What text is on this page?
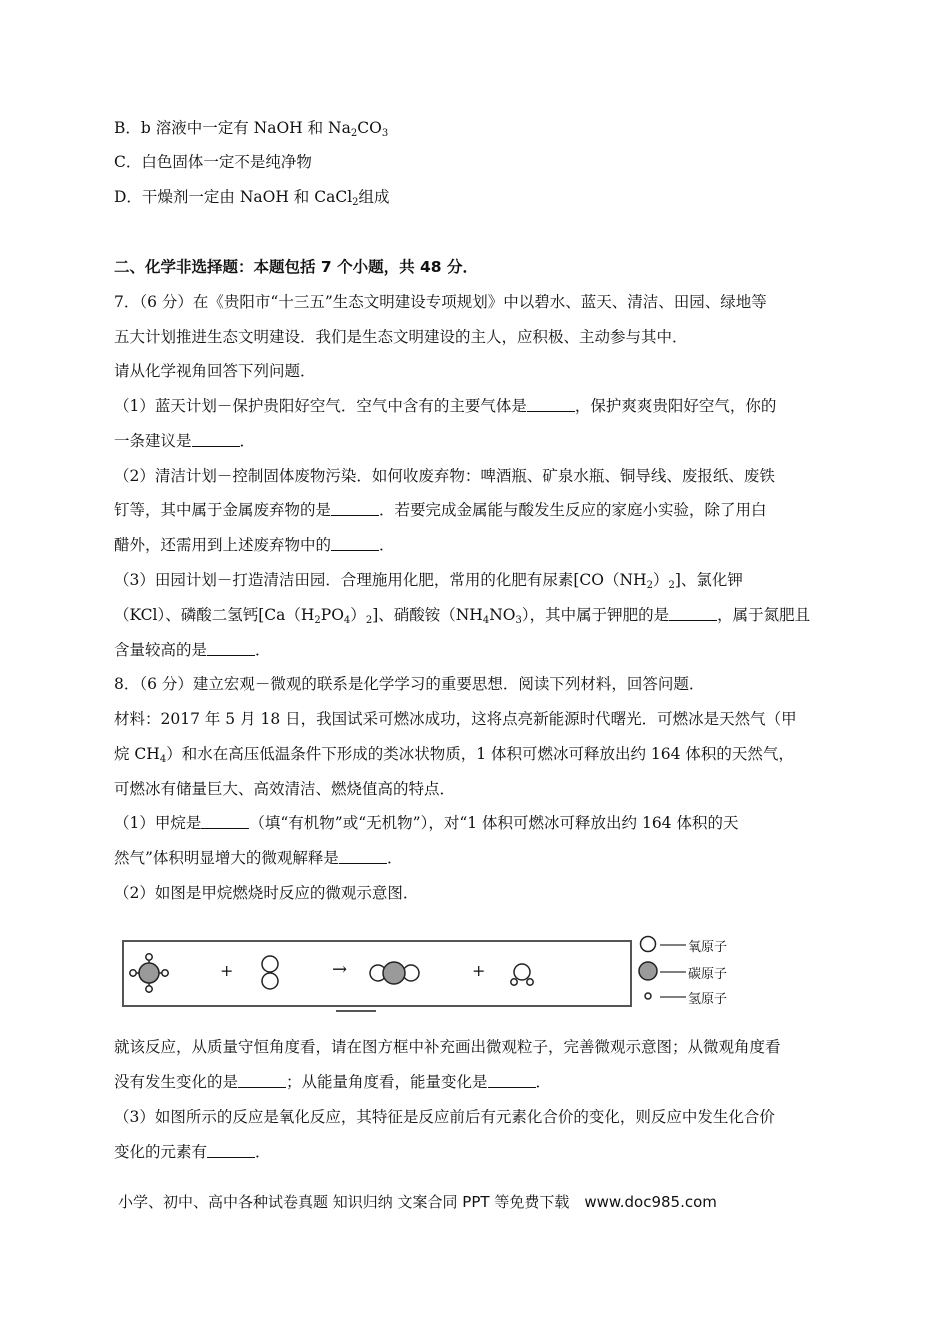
B．b 溶液中一定有 NaOH 和 $Na_2CO_3$
C．白色固体一定不是纯净物
D．干燥剂一定由 NaOH 和 CaCl$_2$组成
二、化学非选择题：本题包括 7 个小题，共 48 分．
7．（6 分）在《贵阳市“十三五”生态文明建设专项规划》中以碧水、蓝天、清洁、田园、绿地等
五大计划推进生态文明建设．我们是生态文明建设的主人，应积极、主动参与其中．
请从化学视角回答下列问题．
（1）蓝天计划－保护贵阳好空气．空气中含有的主要气体是	，保护爽爽贵阳好空气，你的
一条建议是	．
（2）清洁计划－控制固体废物污染．如何收废弃物：啤酒瓶、矿泉水瓶、铜导线、废报纸、废铁
钉等，其中属于金属废弃物的是	．若要完成金属能与酸发生反应的家庭小实验，除了用白
醋外，还需用到上述废弃物中的	．
（3）田园计划－打造清洁田园．合理施用化肥，常用的化肥有尿素$[CO(NH_2)_2]$、氯化钾
（KCl）、磷酸二氢钙$[Ca(H_2PO_4)_2]$、硝酸铵$(NH_4NO_3)$，其中属于钾肥的是	，属于氮肥且
含量较高的是	．
8．（6 分）建立宏观－微观的联系是化学学习的重要思想．阅读下列材料，回答问题．
材料：2017 年 5 月 18 日，我国试采可燃冰成功，这将点亮新能源时代曙光．可燃冰是天然气（甲
烷 $CH_4$）和水在高压低温条件下形成的类冰状物质，1 体积可燃冰可释放出约 164 体积的天然气，
可燃冰有储量巨大、高效清洁、燃烧值高的特点．
（1）甲烷是	（填“有机物”或“无机物”），对“1 体积可燃冰可释放出约 164 体积的天
然气”体积明显增大的微观解释是	．
（2）如图是甲烷燃烧时反应的微观示意图．
+	→	+
氧原子
碳原子
氢原子
就该反应，从质量守恒角度看，请在图方框中补充画出微观粒子，完善微观示意图；从微观角度看
没有发生变化的是	；从能量角度看，能量变化是	．
（3）如图所示的反应是氧化反应，其特征是反应前后有元素化合价的变化，则反应中发生化合价
变化的元素有	．
小学、初中、高中各种试卷真题 知识归纳 文案合同 PPT 等免费下载　www.doc985.com
